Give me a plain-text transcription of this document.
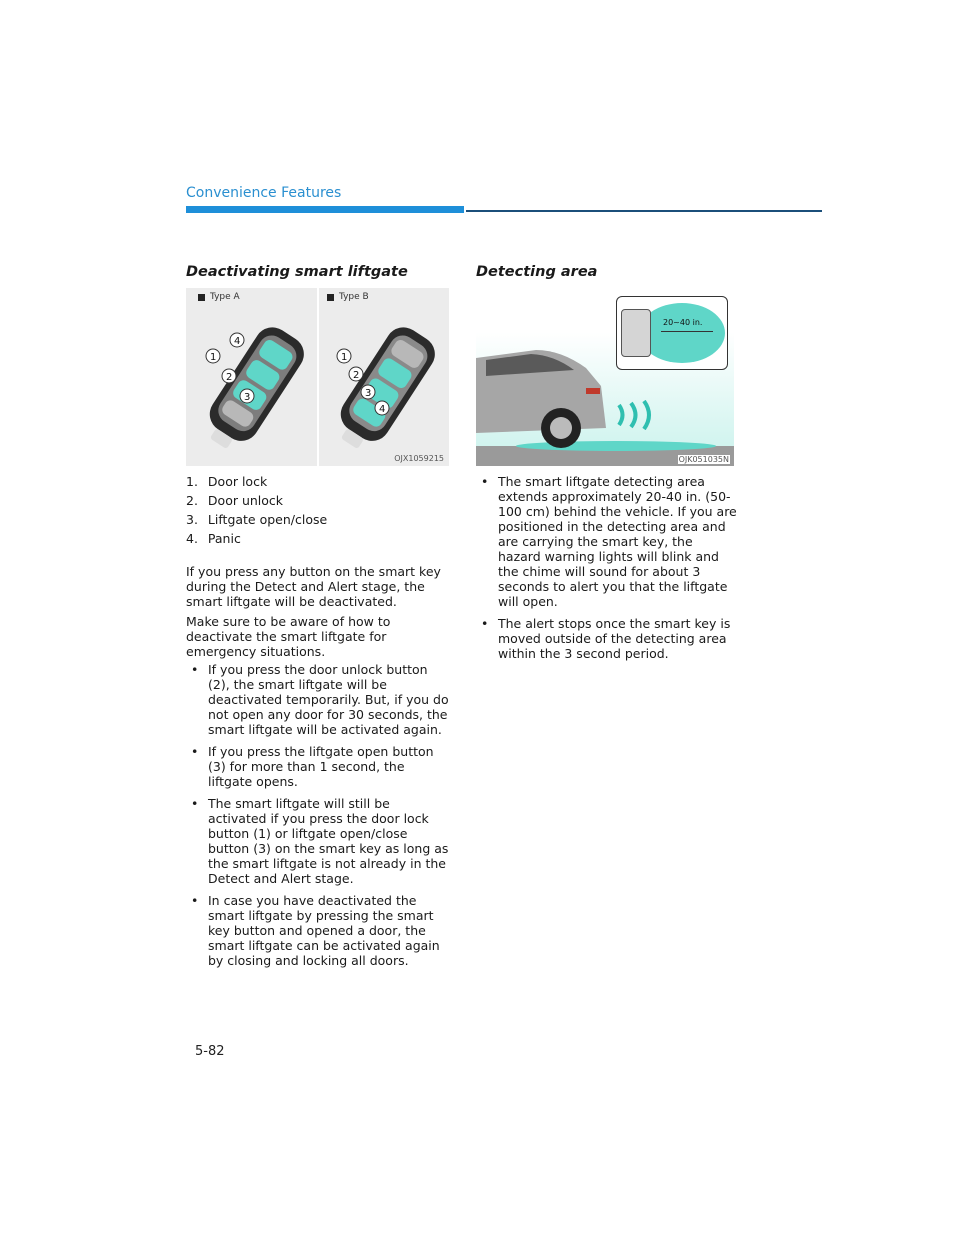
Convenience Features
Deactivating smart liftgate
Type A	Type B
1
4
2
3
1
2
3
4
OJX1059215
1. Door lock
2. Door unlock
3. Liftgate open/close
4. Panic

If you press any button on the smart key during the Detect and Alert stage, the smart liftgate will be deactivated.

Make sure to be aware of how to deactivate the smart liftgate for emergency situations.

• If you press the door unlock button (2), the smart liftgate will be deactivated temporarily. But, if you do not open any door for 30 seconds, the smart liftgate will be activated again.
• If you press the liftgate open button (3) for more than 1 second, the liftgate opens.
• The smart liftgate will still be activated if you press the door lock button (1) or liftgate open/close button (3) on the smart key as long as the smart liftgate is not already in the Detect and Alert stage.
• In case you have deactivated the smart liftgate by pressing the smart key button and opened a door, the smart liftgate can be activated again by closing and locking all doors.
Detecting area
20~40 in.
OJK051035N
• The smart liftgate detecting area extends approximately 20-40 in. (50-100 cm) behind the vehicle. If you are positioned in the detecting area and are carrying the smart key, the hazard warning lights will blink and the chime will sound for about 3 seconds to alert you that the liftgate will open.
• The alert stops once the smart key is moved outside of the detecting area within the 3 second period.
5-82
